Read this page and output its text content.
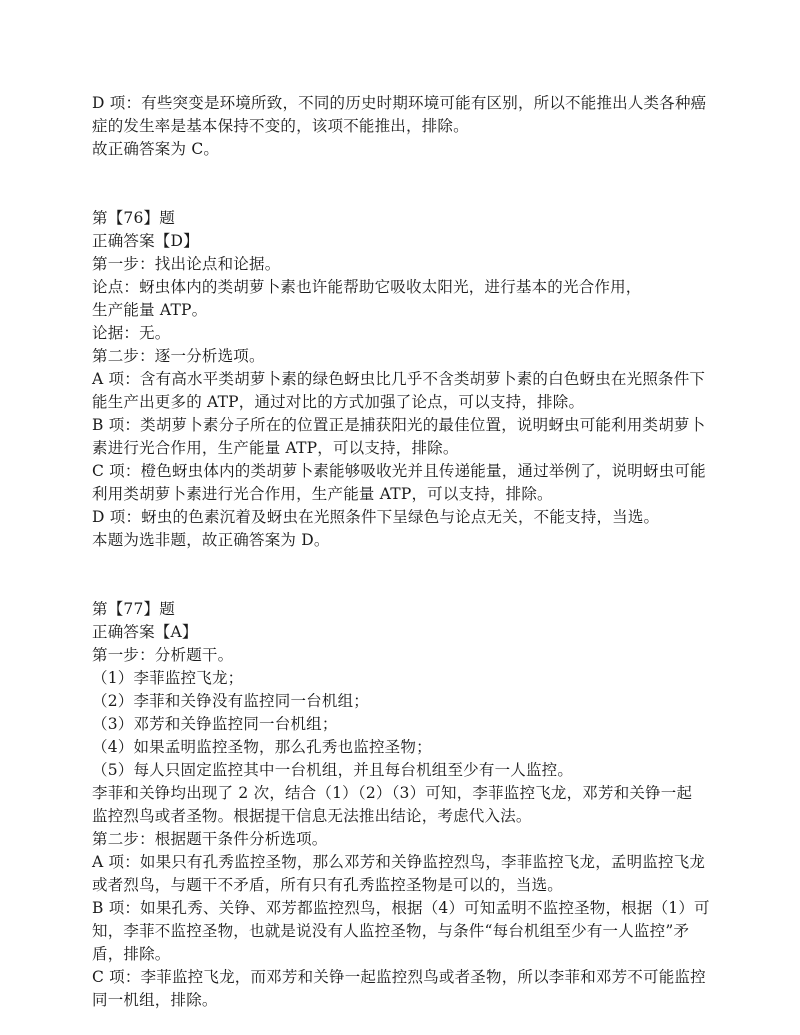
D 项：有些突变是环境所致，不同的历史时期环境可能有区别，所以不能推出人类各种癌
症的发生率是基本保持不变的，该项不能推出，排除。
故正确答案为 C。
第【76】题
正确答案【D】
第一步：找出论点和论据。
论点：蚜虫体内的类胡萝卜素也许能帮助它吸收太阳光，进行基本的光合作用，
生产能量 ATP。
论据：无。
第二步：逐一分析选项。
A 项：含有高水平类胡萝卜素的绿色蚜虫比几乎不含类胡萝卜素的白色蚜虫在光照条件下
能生产出更多的 ATP，通过对比的方式加强了论点，可以支持，排除。
B 项：类胡萝卜素分子所在的位置正是捕获阳光的最佳位置，说明蚜虫可能利用类胡萝卜
素进行光合作用，生产能量 ATP，可以支持，排除。
C 项：橙色蚜虫体内的类胡萝卜素能够吸收光并且传递能量，通过举例了，说明蚜虫可能
利用类胡萝卜素进行光合作用，生产能量 ATP，可以支持，排除。
D 项：蚜虫的色素沉着及蚜虫在光照条件下呈绿色与论点无关，不能支持，当选。
本题为选非题，故正确答案为 D。
第【77】题
正确答案【A】
第一步：分析题干。
（1）李菲监控飞龙；
（2）李菲和关铮没有监控同一台机组；
（3）邓芳和关铮监控同一台机组；
（4）如果孟明监控圣物，那么孔秀也监控圣物；
（5）每人只固定监控其中一台机组，并且每台机组至少有一人监控。
李菲和关铮均出现了 2 次，结合（1）（2）（3）可知，李菲监控飞龙，邓芳和关铮一起
监控烈鸟或者圣物。根据提干信息无法推出结论，考虑代入法。
第二步：根据题干条件分析选项。
A 项：如果只有孔秀监控圣物，那么邓芳和关铮监控烈鸟，李菲监控飞龙，孟明监控飞龙
或者烈鸟，与题干不矛盾，所有只有孔秀监控圣物是可以的，当选。
B 项：如果孔秀、关铮、邓芳都监控烈鸟，根据（4）可知孟明不监控圣物，根据（1）可
知，李菲不监控圣物，也就是说没有人监控圣物，与条件“每台机组至少有一人监控”矛
盾，排除。
C 项：李菲监控飞龙，而邓芳和关铮一起监控烈鸟或者圣物，所以李菲和邓芳不可能监控
同一机组，排除。
